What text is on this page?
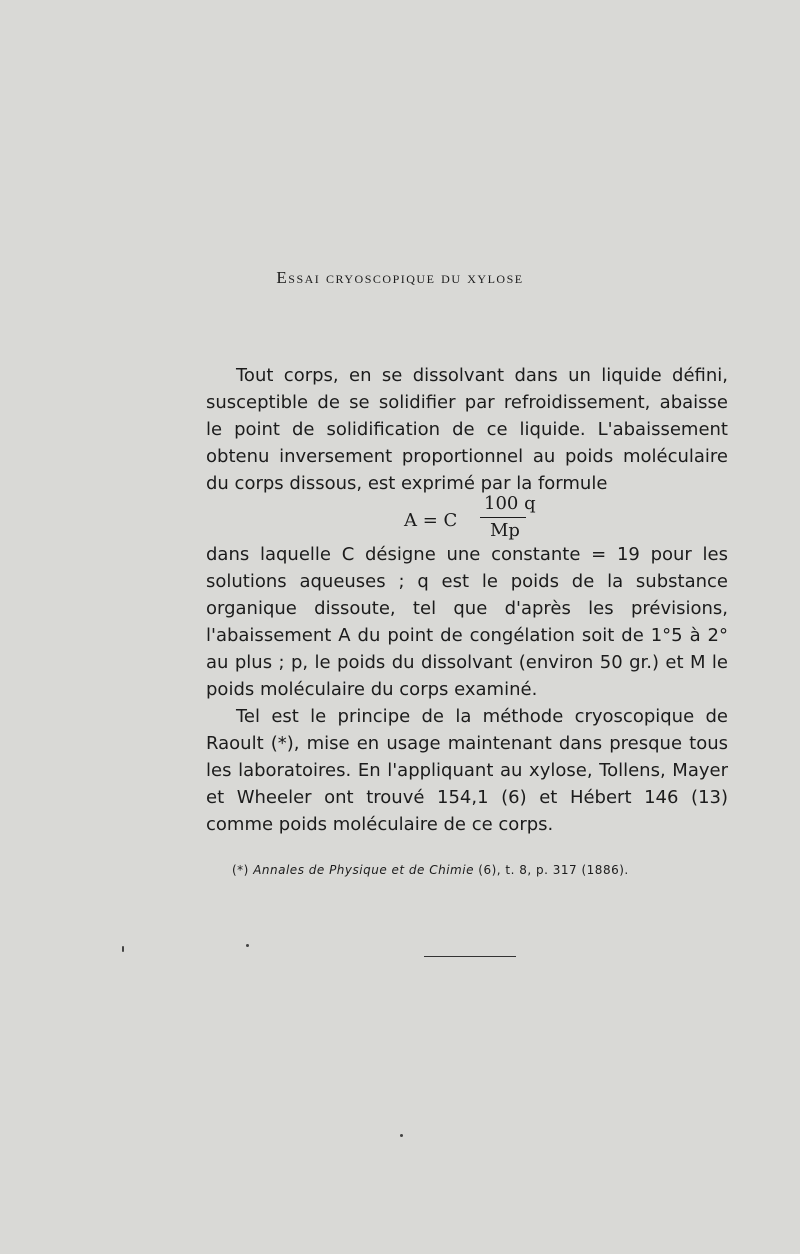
Essai cryoscopique du xylose

Tout corps, en se dissolvant dans un liquide défini, susceptible de se solidifier par refroidissement, abaisse le point de solidification de ce liquide. L'abaissement obtenu inversement proportionnel au poids moléculaire du corps dissous, est exprimé par la formule

A = C
100 q
Mp

dans laquelle C désigne une constante = 19 pour les solutions aqueuses ; q est le poids de la substance organique dissoute, tel que d'après les prévisions, l'abaissement A du point de congélation soit de 1°5 à 2° au plus ; p, le poids du dissolvant (environ 50 gr.) et M le poids moléculaire du corps examiné.

Tel est le principe de la méthode cryoscopique de Raoult (*), mise en usage maintenant dans presque tous les laboratoires. En l'appliquant au xylose, Tollens, Mayer et Wheeler ont trouvé 154,1 (6) et Hébert 146 (13) comme poids moléculaire de ce corps.

(*) Annales de Physique et de Chimie (6), t. 8, p. 317 (1886).
